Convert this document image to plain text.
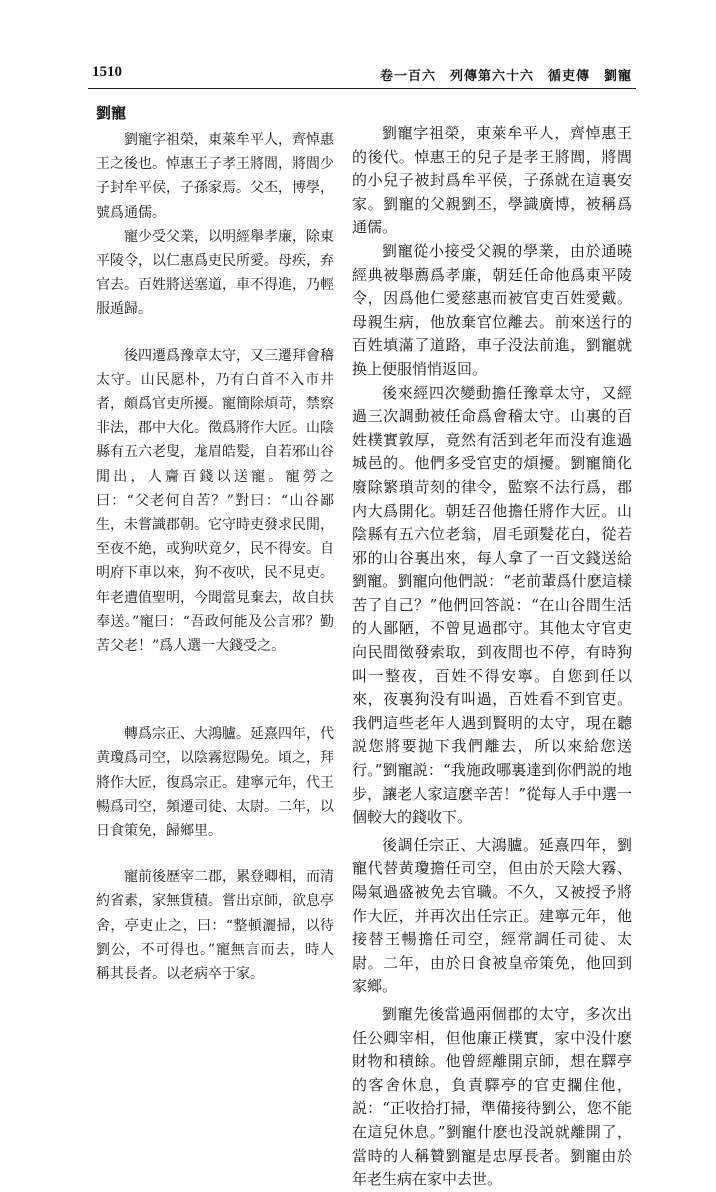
1510	卷一百六　列傳第六十六　循吏傳　劉寵
劉寵

劉寵字祖榮，東萊牟平人，齊悼惠王之後也。悼惠王子孝王將閭，將閭少子封牟平侯，子孫家焉。父丕，博學，號爲通儒。

寵少受父業，以明經舉孝廉，除東平陵令，以仁惠爲吏民所愛。母疾，弃官去。百姓將送塞道，車不得進，乃輕服遁歸。

後四遷爲豫章太守，又三遷拜會稽太守。山民愿朴，乃有白首不入市井者，頗爲官吏所擾。寵簡除煩苛，禁察非法，郡中大化。徵爲將作大匠。山陰縣有五六老叟，尨眉皓髮，自若邪山谷閒出，人齎百錢以送寵。寵勞之曰：“父老何自苦？”對曰：“山谷鄙生，未嘗識郡朝。它守時吏發求民閒，至夜不絶，或狗吠竟夕，民不得安。自明府下車以來，狗不夜吠，民不見吏。年老遭值聖明，今聞當見棄去，故自扶奉送。”寵曰：“吾政何能及公言邪？勤苦父老！”爲人選一大錢受之。

轉爲宗正、大鴻臚。延熹四年，代黄瓊爲司空，以陰霧愆陽免。頃之，拜將作大匠，復爲宗正。建寧元年，代王暢爲司空，頻遷司徒、太尉。二年，以日食策免，歸鄉里。

寵前後歷宰二郡，累登卿相，而清約省素，家無貨積。嘗出京師，欲息亭舍，亭吏止之，曰：“整頓灑掃，以待劉公，不可得也。”寵無言而去，時人稱其長者。以老病卒于家。

劉寵字祖榮，東萊牟平人，齊悼惠王的後代。悼惠王的兒子是孝王將閭，將閭的小兒子被封爲牟平侯，子孫就在這裏安家。劉寵的父親劉丕，學識廣博，被稱爲通儒。

劉寵從小接受父親的學業，由於通曉經典被舉薦爲孝廉，朝廷任命他爲東平陵令，因爲他仁愛慈惠而被官吏百姓愛戴。母親生病，他放棄官位離去。前來送行的百姓填滿了道路，車子没法前進，劉寵就换上便服悄悄返回。

後來經四次變動擔任豫章太守，又經過三次調動被任命爲會稽太守。山裏的百姓樸實敦厚，竟然有活到老年而没有進過城邑的。他們多受官吏的煩擾。劉寵簡化廢除繁瑣苛刻的律令，監察不法行爲，郡内大爲開化。朝廷召他擔任將作大匠。山陰縣有五六位老翁，眉毛頭髮花白，從若邪的山谷裏出來，每人拿了一百文錢送給劉寵。劉寵向他們説：“老前輩爲什麽這樣苦了自己？”他們回答説：“在山谷間生活的人鄙陋，不曾見過郡守。其他太守官吏向民間徵發索取，到夜間也不停，有時狗叫一整夜，百姓不得安寧。自您到任以來，夜裏狗没有叫過，百姓看不到官吏。我們這些老年人遇到賢明的太守，現在聽説您將要抛下我們離去，所以來給您送行。”劉寵説：“我施政哪裏達到你們説的地步，讓老人家這麽辛苦！”從每人手中選一個較大的錢收下。

後調任宗正、大鴻臚。延熹四年，劉寵代替黄瓊擔任司空，但由於天陰大霧、陽氣過盛被免去官職。不久，又被授予將作大匠，并再次出任宗正。建寧元年，他接替王暢擔任司空，經常調任司徒、太尉。二年，由於日食被皇帝策免，他回到家鄉。

劉寵先後當過兩個郡的太守，多次出任公卿宰相，但他廉正樸實，家中没什麽財物和積餘。他曾經離開京師，想在驛亭的客舍休息，負責驛亭的官吏攔住他，説：“正收拾打掃，準備接待劉公，您不能在這兒休息。”劉寵什麽也没説就離開了，當時的人稱贊劉寵是忠厚長者。劉寵由於年老生病在家中去世。
